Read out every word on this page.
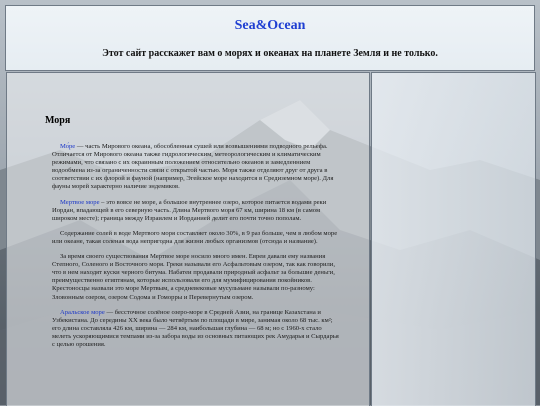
Sea&Ocean
Этот сайт расскажет вам о морях и океанах на планете Земля и не только.
Моря

Мо́ре — часть Мирового океана, обособленная сушей или возвышениями подводного рельефа. Отличается от Мирового океана также гидрологическим, метеорологическим и климатическим режимами, что связано с их окраинным положением относительно океанов и замедленнием водообмена из-за ограниченности связи с открытой частью. Моря также отделяют друг от друга в соответствии с их флорой и фауной (например, Эгейское море находится в Средиземном море). Для фауны морей характерно наличие эндемиков.

Мертвое море – это вовсе не море, а большое внутреннее озеро, которое питается водами реки Иордан, впадающей в его северную часть. Длина Мертвого моря 67 км, ширина 18 км (в самом широком месте); граница между Израилем и Иорданией делит его почти точно пополам.

Содержание солей в воде Мертвого моря составляет около 30%, в 9 раз больше, чем в любом море или океане, такая соленая вода непригодна для жизни любых организмов (отсюда и название).

За время своего существования Мертвое море носило много имен. Евреи давали ему названия Степного, Соленого и Восточного моря. Греки называли его Асфальтовым озером, так как говорили, что в нем находят куски черного битума. Набатеи продавали природный асфальт за большие деньги, преимущественно египтянам, которые использовали его для мумифицирования покойников. Крестоносцы назвали это море Мертвым, а средневековые мусульмане называли по-разному: Зловонным озером, озером Содома и Гоморры и Перевернутым озером.

Аральское море — бессточное солёное озеро-море в Средней Азии, на границе Казахстана и Узбекистана. До середины XX века было четвёртым по площади в мире, занимая около 68 тыс. км²; его длина составляла 426 км, ширина — 284 км, наибольшая глубина — 68 м; но с 1960-х стало мелеть ускоряющимися темпами из-за забора воды из основных питающих рек Амударья и Сырдарья с целью орошения.
